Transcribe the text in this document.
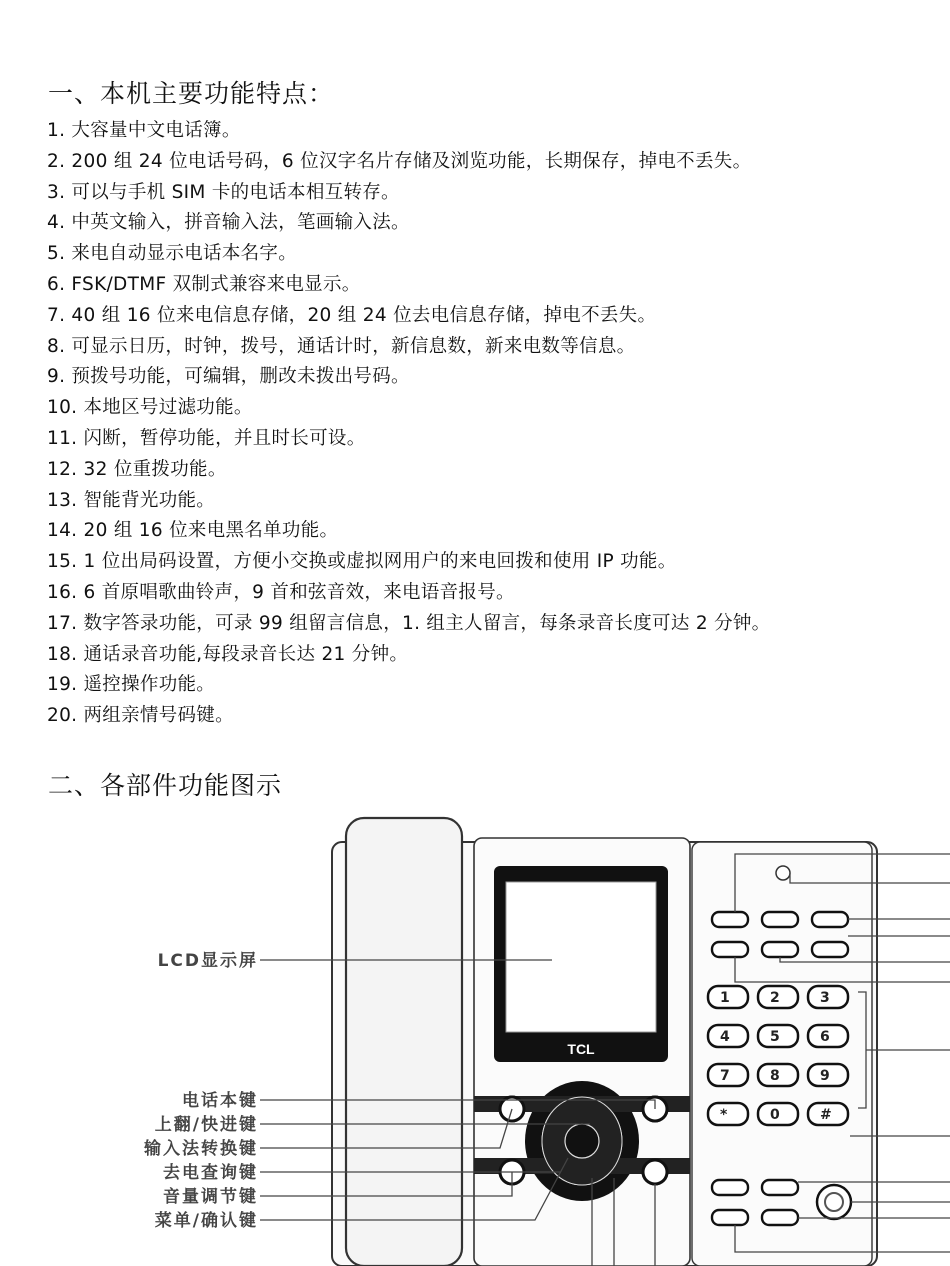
一、本机主要功能特点：
1. 大容量中文电话簿。
2. 200 组 24 位电话号码，6 位汉字名片存储及浏览功能，长期保存，掉电不丢失。
3. 可以与手机 SIM 卡的电话本相互转存。
4. 中英文输入，拼音输入法，笔画输入法。
5. 来电自动显示电话本名字。
6. FSK/DTMF 双制式兼容来电显示。
7. 40 组 16 位来电信息存储，20 组 24 位去电信息存储，掉电不丢失。
8. 可显示日历，时钟，拨号，通话计时，新信息数，新来电数等信息。
9. 预拨号功能，可编辑，删改未拨出号码。
10. 本地区号过滤功能。
11. 闪断，暂停功能，并且时长可设。
12. 32 位重拨功能。
13. 智能背光功能。
14. 20 组 16 位来电黑名单功能。
15. 1 位出局码设置，方便小交换或虚拟网用户的来电回拨和使用 IP 功能。
16. 6 首原唱歌曲铃声，9 首和弦音效，来电语音报号。
17. 数字答录功能，可录 99 组留言信息，1. 组主人留言，每条录音长度可达 2 分钟。
18. 通话录音功能,每段录音长达 21 分钟。
19. 遥控操作功能。
20. 两组亲情号码键。
二、各部件功能图示
TCL
1	2	3
4	5	6
7	8	9
*	0	#
LCD显示屏
电话本键
上翻/快进键
输入法转换键
去电查询键
音量调节键
菜单/确认键
